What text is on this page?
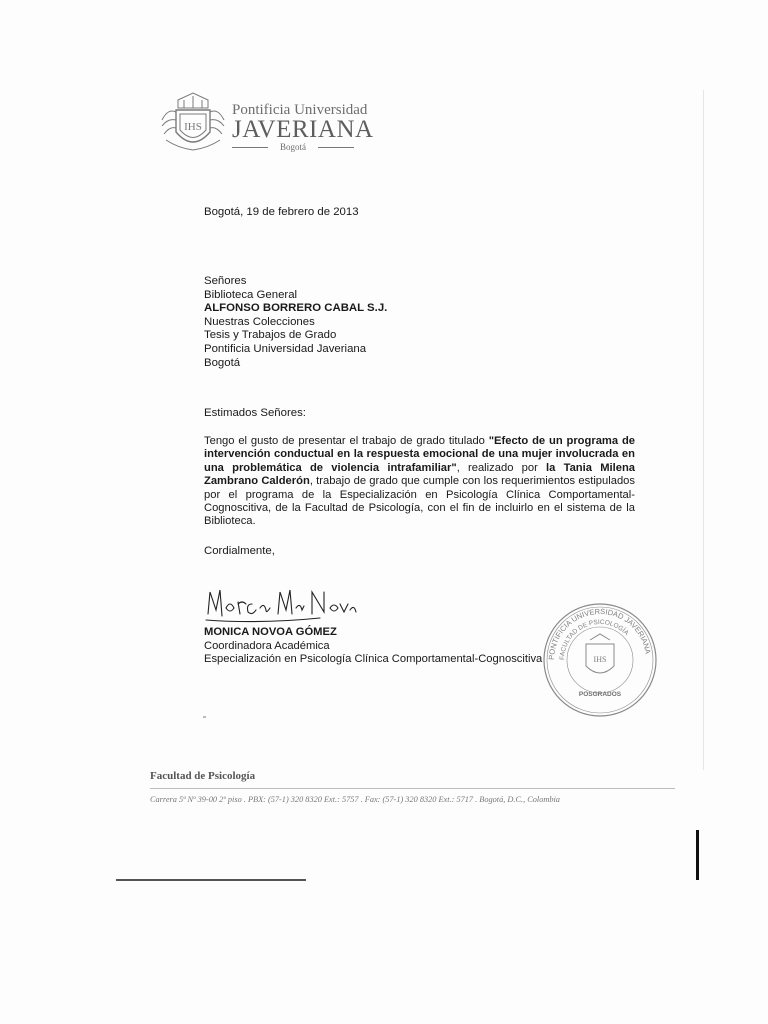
IHS
Pontificia Universidad
JAVERIANA
Bogotá
Bogotá, 19 de febrero de 2013
Señores
Biblioteca General
ALFONSO BORRERO CABAL S.J.
Nuestras Colecciones
Tesis y Trabajos de Grado
Pontificia Universidad Javeriana
Bogotá
Estimados Señores:
Tengo el gusto de presentar el trabajo de grado titulado "Efecto de un programa de intervención conductual en la respuesta emocional de una mujer involucrada en una problemática de violencia intrafamiliar", realizado por la Tania Milena Zambrano Calderón, trabajo de grado que cumple con los requerimientos estipulados por el programa de la Especialización en Psicología Clínica Comportamental-Cognoscitiva, de la Facultad de Psicología, con el fin de incluirlo en el sistema de la Biblioteca.
Cordialmente,
Monica Ma Novoa G.
MONICA NOVOA GÓMEZ
Coordinadora Académica
Especialización en Psicología Clínica Comportamental-Cognoscitiva PONTIFICIA UNIVERSIDAD JAVERIANA
FACULTAD DE PSICOLOGÍA
IHS
POSGRADOS
Facultad de Psicología
Carrera 5ª Nº 39-00 2º piso . PBX: (57-1) 320 8320 Ext.: 5757 . Fax: (57-1) 320 8320 Ext.: 5717 . Bogotá, D.C., Colombia
